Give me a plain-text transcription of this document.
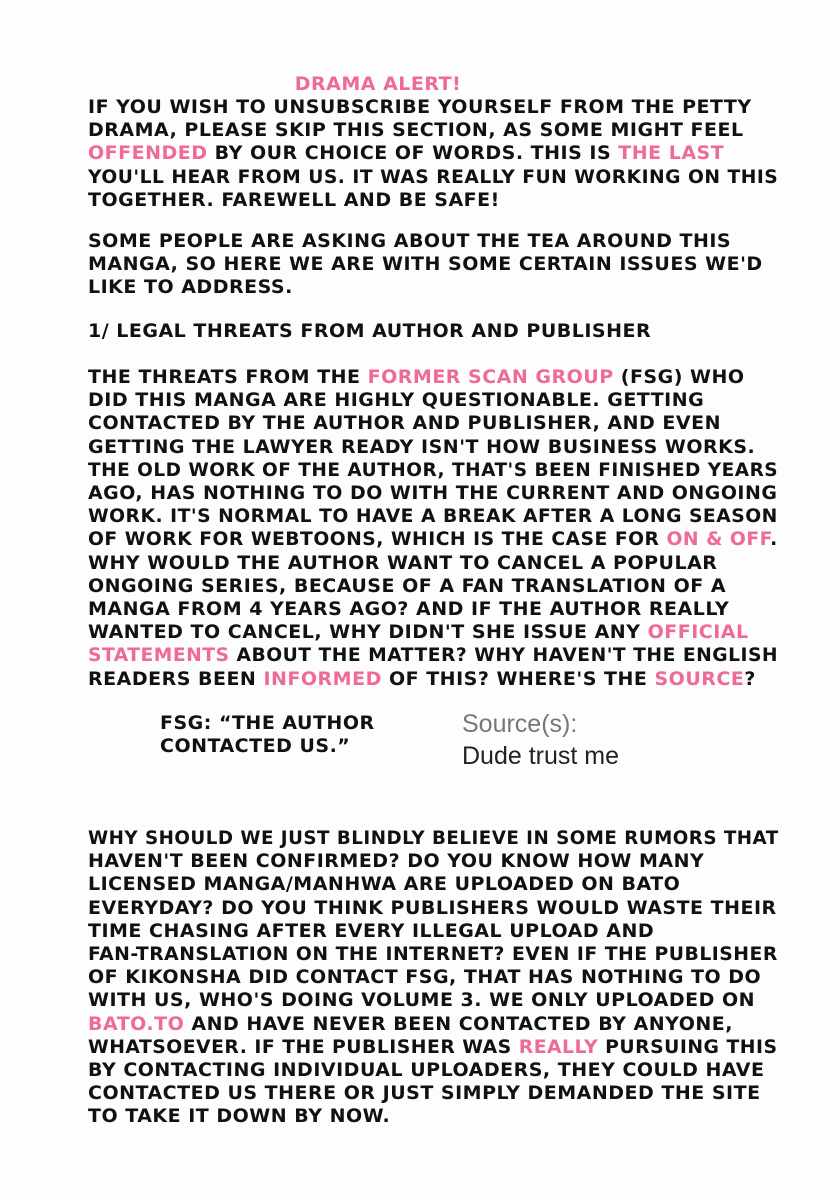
DRAMA ALERT!
IF YOU WISH TO UNSUBSCRIBE YOURSELF FROM THE PETTY
DRAMA, PLEASE SKIP THIS SECTION, AS SOME MIGHT FEEL
OFFENDED BY OUR CHOICE OF WORDS. THIS IS THE LAST
YOU'LL HEAR FROM US. IT WAS REALLY FUN WORKING ON THIS
TOGETHER. FAREWELL AND BE SAFE!
SOME PEOPLE ARE ASKING ABOUT THE TEA AROUND THIS
MANGA, SO HERE WE ARE WITH SOME CERTAIN ISSUES WE'D
LIKE TO ADDRESS.
1/ LEGAL THREATS FROM AUTHOR AND PUBLISHER
THE THREATS FROM THE FORMER SCAN GROUP (FSG) WHO
DID THIS MANGA ARE HIGHLY QUESTIONABLE. GETTING
CONTACTED BY THE AUTHOR AND PUBLISHER, AND EVEN
GETTING THE LAWYER READY ISN'T HOW BUSINESS WORKS.
THE OLD WORK OF THE AUTHOR, THAT'S BEEN FINISHED YEARS
AGO, HAS NOTHING TO DO WITH THE CURRENT AND ONGOING
WORK. IT'S NORMAL TO HAVE A BREAK AFTER A LONG SEASON
OF WORK FOR WEBTOONS, WHICH IS THE CASE FOR ON & OFF.
WHY WOULD THE AUTHOR WANT TO CANCEL A POPULAR
ONGOING SERIES, BECAUSE OF A FAN TRANSLATION OF A
MANGA FROM 4 YEARS AGO? AND IF THE AUTHOR REALLY
WANTED TO CANCEL, WHY DIDN'T SHE ISSUE ANY OFFICIAL
STATEMENTS ABOUT THE MATTER? WHY HAVEN'T THE ENGLISH
READERS BEEN INFORMED OF THIS? WHERE'S THE SOURCE?
FSG: “THE AUTHOR
CONTACTED US.”
Source(s):
Dude trust me
WHY SHOULD WE JUST BLINDLY BELIEVE IN SOME RUMORS THAT
HAVEN'T BEEN CONFIRMED? DO YOU KNOW HOW MANY
LICENSED MANGA/MANHWA ARE UPLOADED ON BATO
EVERYDAY? DO YOU THINK PUBLISHERS WOULD WASTE THEIR
TIME CHASING AFTER EVERY ILLEGAL UPLOAD AND
FAN-TRANSLATION ON THE INTERNET? EVEN IF THE PUBLISHER
OF KIKONSHA DID CONTACT FSG, THAT HAS NOTHING TO DO
WITH US, WHO'S DOING VOLUME 3. WE ONLY UPLOADED ON
BATO.TO AND HAVE NEVER BEEN CONTACTED BY ANYONE,
WHATSOEVER. IF THE PUBLISHER WAS REALLY PURSUING THIS
BY CONTACTING INDIVIDUAL UPLOADERS, THEY COULD HAVE
CONTACTED US THERE OR JUST SIMPLY DEMANDED THE SITE
TO TAKE IT DOWN BY NOW.
